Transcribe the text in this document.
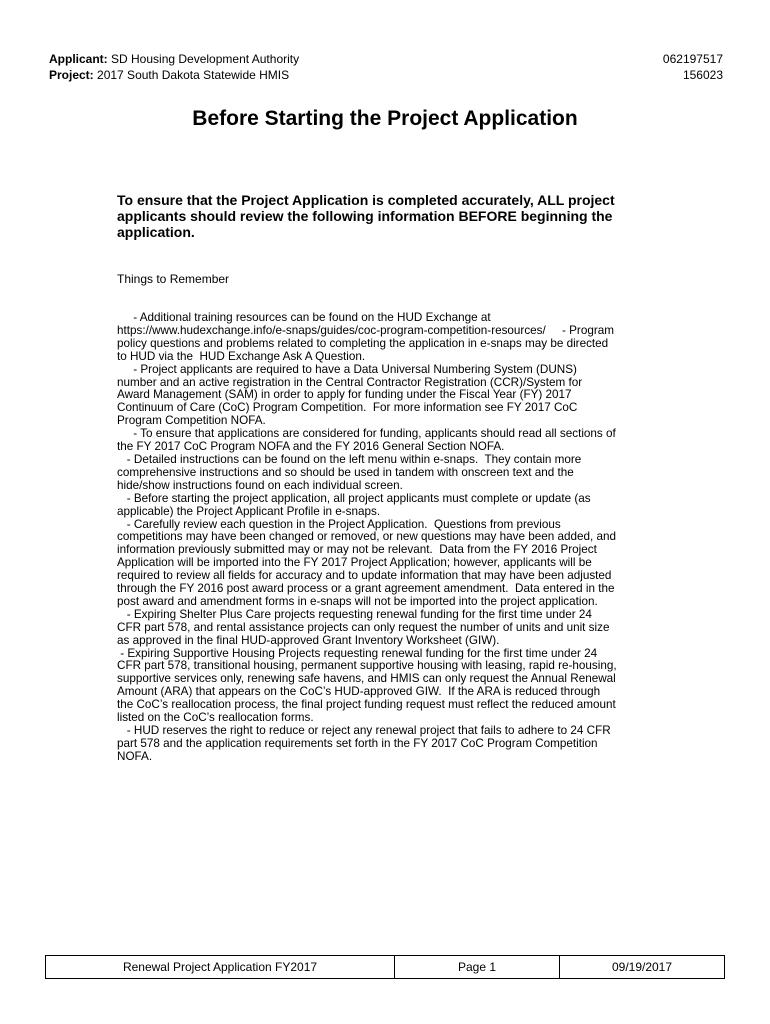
Applicant: SD Housing Development Authority	062197517
Project: 2017 South Dakota Statewide HMIS	156023
Before Starting the Project Application

To ensure that the Project Application is completed accurately, ALL project applicants should review the following information BEFORE beginning the application.

Things to Remember

- Additional training resources can be found on the HUD Exchange at
https://www.hudexchange.info/e-snaps/guides/coc-program-competition-resources/     - Program
policy questions and problems related to completing the application in e-snaps may be directed
to HUD via the  HUD Exchange Ask A Question.
- Project applicants are required to have a Data Universal Numbering System (DUNS)
number and an active registration in the Central Contractor Registration (CCR)/System for
Award Management (SAM) in order to apply for funding under the Fiscal Year (FY) 2017
Continuum of Care (CoC) Program Competition.  For more information see FY 2017 CoC
Program Competition NOFA.
- To ensure that applications are considered for funding, applicants should read all sections of
the FY 2017 CoC Program NOFA and the FY 2016 General Section NOFA.
- Detailed instructions can be found on the left menu within e-snaps.  They contain more
comprehensive instructions and so should be used in tandem with onscreen text and the
hide/show instructions found on each individual screen.
- Before starting the project application, all project applicants must complete or update (as
applicable) the Project Applicant Profile in e-snaps.
- Carefully review each question in the Project Application.  Questions from previous
competitions may have been changed or removed, or new questions may have been added, and
information previously submitted may or may not be relevant.  Data from the FY 2016 Project
Application will be imported into the FY 2017 Project Application; however, applicants will be
required to review all fields for accuracy and to update information that may have been adjusted
through the FY 2016 post award process or a grant agreement amendment.  Data entered in the
post award and amendment forms in e-snaps will not be imported into the project application.
- Expiring Shelter Plus Care projects requesting renewal funding for the first time under 24
CFR part 578, and rental assistance projects can only request the number of units and unit size
as approved in the final HUD-approved Grant Inventory Worksheet (GIW).
- Expiring Supportive Housing Projects requesting renewal funding for the first time under 24
CFR part 578, transitional housing, permanent supportive housing with leasing, rapid re-housing,
supportive services only, renewing safe havens, and HMIS can only request the Annual Renewal
Amount (ARA) that appears on the CoC’s HUD-approved GIW.  If the ARA is reduced through
the CoC’s reallocation process, the final project funding request must reflect the reduced amount
listed on the CoC’s reallocation forms.
- HUD reserves the right to reduce or reject any renewal project that fails to adhere to 24 CFR
part 578 and the application requirements set forth in the FY 2017 CoC Program Competition
NOFA.
Renewal Project Application FY2017	Page 1	09/19/2017
